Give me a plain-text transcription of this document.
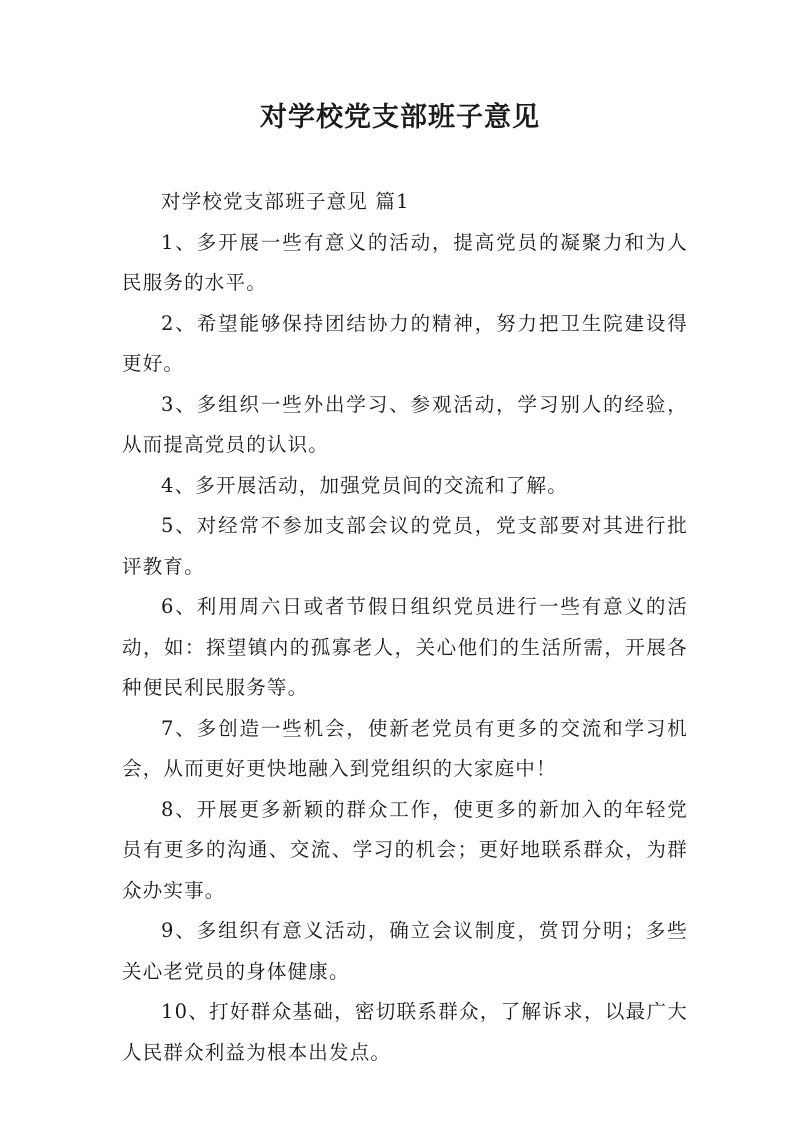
对学校党支部班子意见

对学校党支部班子意见 篇1

1、多开展一些有意义的活动，提高党员的凝聚力和为人民服务的水平。

2、希望能够保持团结协力的精神，努力把卫生院建设得更好。

3、多组织一些外出学习、参观活动，学习别人的经验，从而提高党员的认识。

4、多开展活动，加强党员间的交流和了解。

5、对经常不参加支部会议的党员，党支部要对其进行批评教育。

6、利用周六日或者节假日组织党员进行一些有意义的活动，如：探望镇内的孤寡老人，关心他们的生活所需，开展各种便民利民服务等。

7、多创造一些机会，使新老党员有更多的交流和学习机会，从而更好更快地融入到党组织的大家庭中！

8、开展更多新颖的群众工作，使更多的新加入的年轻党员有更多的沟通、交流、学习的机会；更好地联系群众，为群众办实事。

9、多组织有意义活动，确立会议制度，赏罚分明；多些关心老党员的身体健康。

10、打好群众基础，密切联系群众，了解诉求，以最广大人民群众利益为根本出发点。
